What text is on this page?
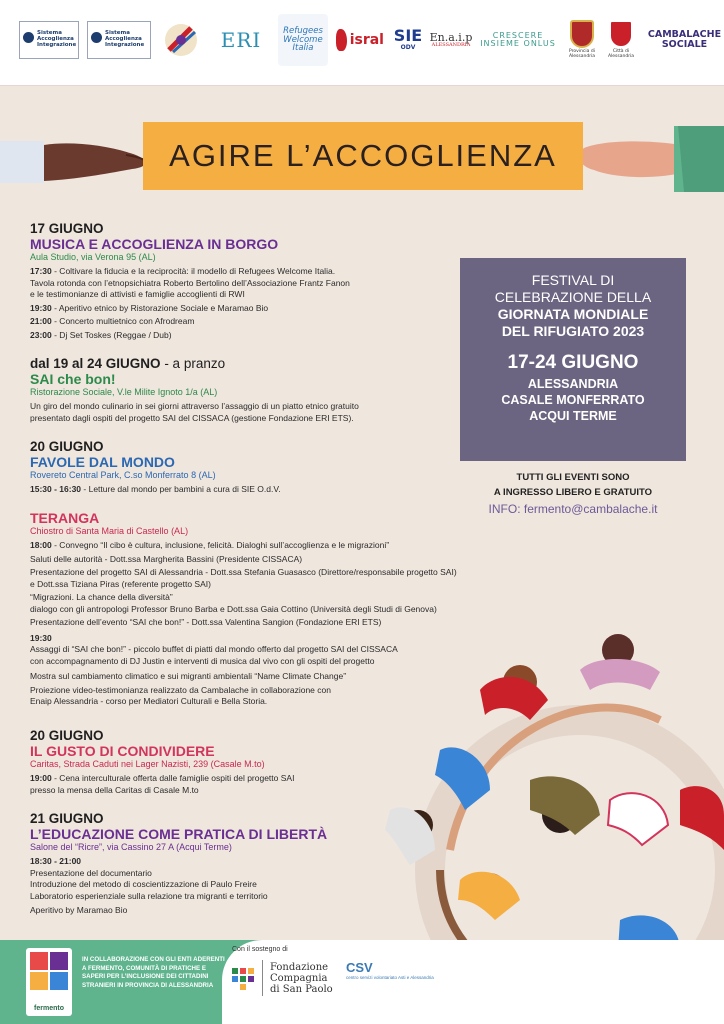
Sistema Accoglienza Integrazione
Sistema Accoglienza Integrazione	ERI	Refugees Welcome Italia
isral SIE
ODV
En.a.i.p
ALESSANDRIA
CRESCERE INSIEME ONLUS
Provincia di Alessandria
Città di Alessandria
CAMBALACHE SOCIALE
AGIRE L’ACCOGLIENZA
17 GIUGNO
MUSICA E ACCOGLIENZA IN BORGO
Aula Studio, via Verona 95 (AL)
17:30 - Coltivare la fiducia e la reciprocità: il modello di Refugees Welcome Italia.
Tavola rotonda con l’etnopsichiatra Roberto Bertolino dell’Associazione Frantz Fanon
e le testimonianze di attivisti e famiglie accoglienti di RWI
19:30 - Aperitivo etnico by Ristorazione Sociale e Maramao Bio
21:00 - Concerto multietnico con Afrodream
23:00 - Dj Set Toskes (Reggae / Dub)
dal 19 al 24 GIUGNO - a pranzo
SAI che bon!
Ristorazione Sociale, V.le Milite Ignoto 1/a (AL)
Un giro del mondo culinario in sei giorni attraverso l’assaggio di un piatto etnico gratuito
presentato dagli ospiti del progetto SAI del CISSACA (gestione Fondazione ERI ETS).
20 GIUGNO
FAVOLE DAL MONDO
Rovereto Central Park, C.so Monferrato 8 (AL)
15:30 - 16:30 - Letture dal mondo per bambini a cura di SIE O.d.V.
TERANGA
Chiostro di Santa Maria di Castello (AL)
18:00 - Convegno “Il cibo è cultura, inclusione, felicità. Dialoghi sull’accoglienza e le migrazioni”
Saluti delle autorità - Dott.ssa Margherita Bassini (Presidente CISSACA)
Presentazione del progetto SAI di Alessandria - Dott.ssa Stefania Guasasco (Direttore/responsabile progetto SAI)
e Dott.ssa Tiziana Piras (referente progetto SAI)
“Migrazioni. La chance della diversità”
dialogo con gli antropologi Professor Bruno Barba e Dott.ssa Gaia Cottino (Università degli Studi di Genova)
Presentazione dell’evento “SAI che bon!” - Dott.ssa Valentina Sangion (Fondazione ERI ETS)
19:30
Assaggi di “SAI che bon!” - piccolo buffet di piatti dal mondo offerto dal progetto SAI del CISSACA
con accompagnamento di DJ Justin e interventi di musica dal vivo con gli ospiti del progetto
Mostra sul cambiamento climatico e sui migranti ambientali “Name Climate Change”
Proiezione video-testimonianza realizzato da Cambalache in collaborazione con
Enaip Alessandria - corso per Mediatori Culturali e Bella Storia.
20 GIUGNO
IL GUSTO DI CONDIVIDERE
Caritas, Strada Caduti nei Lager Nazisti, 239 (Casale M.to)
19:00 - Cena interculturale offerta dalle famiglie ospiti del progetto SAI
presso la mensa della Caritas di Casale M.to
21 GIUGNO
L’EDUCAZIONE COME PRATICA DI LIBERTÀ
Salone del “Ricre”, via Cassino 27 A (Acqui Terme)
18:30 - 21:00
Presentazione del documentario
Introduzione del metodo di coscientizzazione di Paulo Freire
Laboratorio esperienziale sulla relazione tra migranti e territorio
Aperitivo by Maramao Bio
FESTIVAL DI
CELEBRAZIONE DELLA
GIORNATA MONDIALE
DEL RIFUGIATO 2023
17-24 GIUGNO
ALESSANDRIA
CASALE MONFERRATO
ACQUI TERME
TUTTI GLI EVENTI SONO
A INGRESSO LIBERO E GRATUITO
INFO: fermento@cambalache.it
fermento
IN COLLABORAZIONE CON GLI ENTI ADERENTI A FERMENTO, COMUNITÀ DI PRATICHE E SAPERI PER L’INCLUSIONE DEI CITTADINI STRANIERI IN PROVINCIA DI ALESSANDRIA
Con il sostegno di
Fondazione
Compagnia
di San Paolo
CSV
centro servizi volontariato Asti e Alessandria
